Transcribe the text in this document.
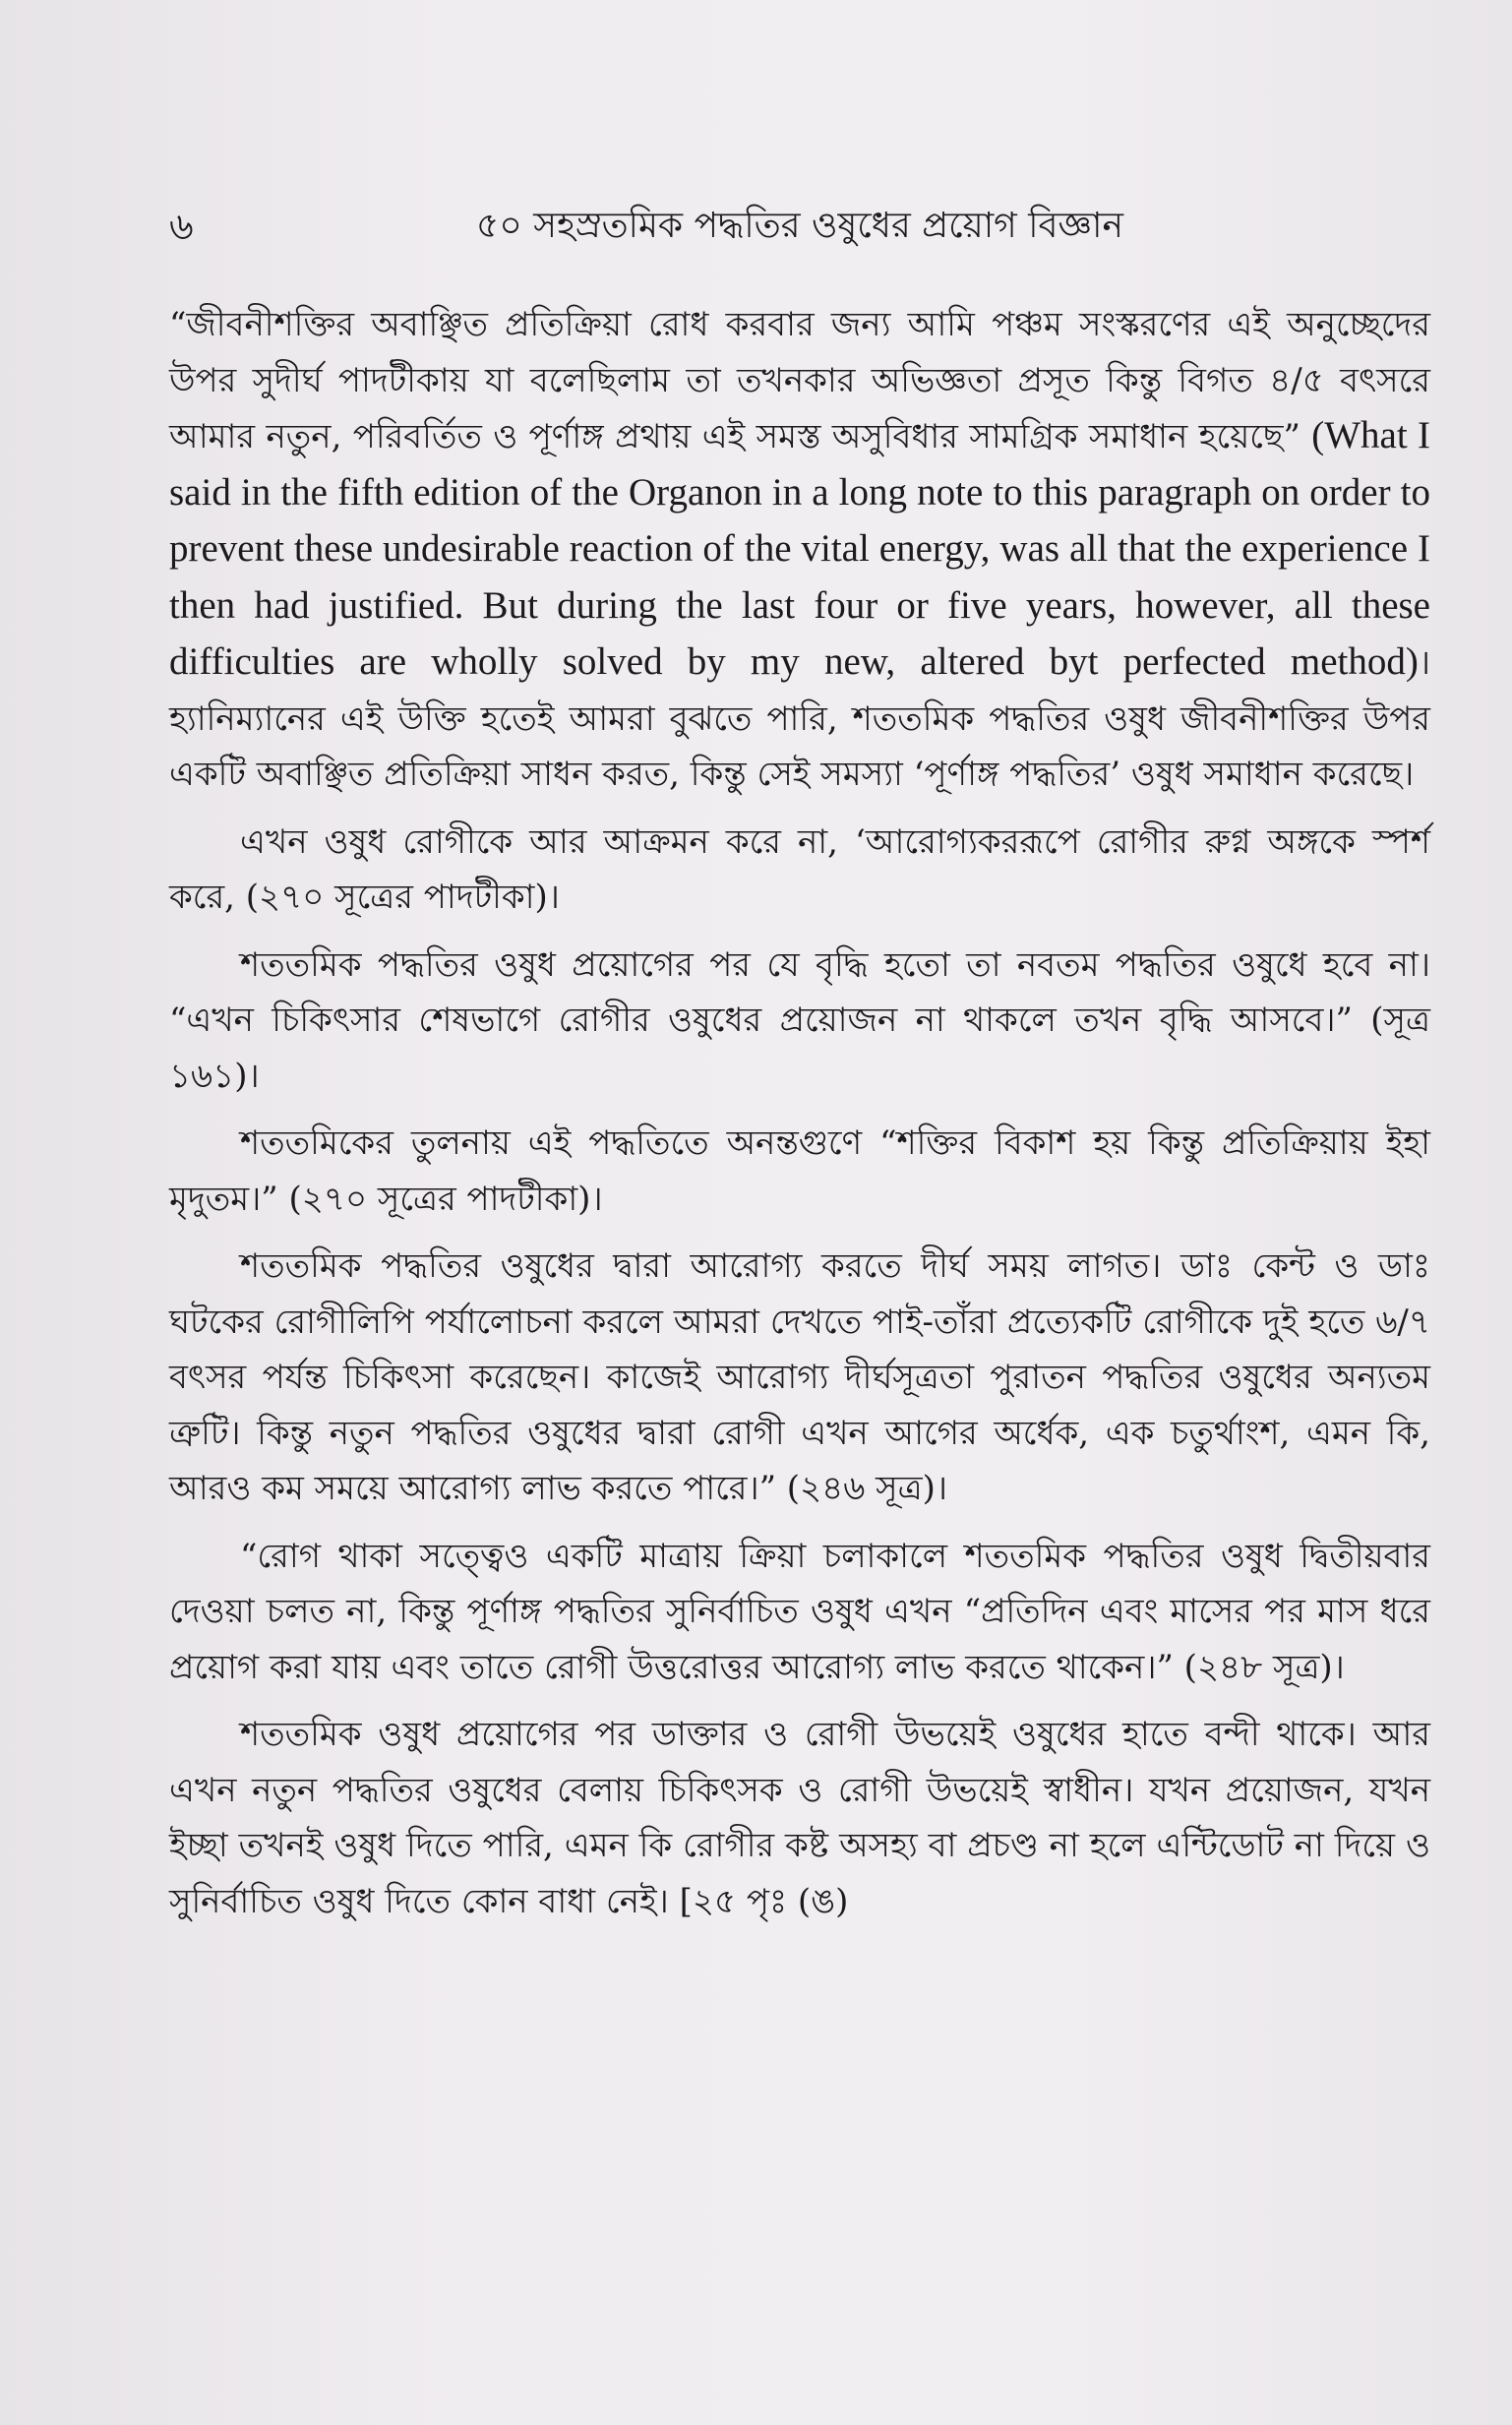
৬	৫০ সহস্রতমিক পদ্ধতির ওষুধের প্রয়োগ বিজ্ঞান

“জীবনীশক্তির অবাঞ্ছিত প্রতিক্রিয়া রোধ করবার জন্য আমি পঞ্চম সংস্করণের এই অনুচ্ছেদের উপর সুদীর্ঘ পাদটীকায় যা বলেছিলাম তা তখনকার অভিজ্ঞতা প্রসূত কিন্তু বিগত ৪/৫ বৎসরে আমার নতুন, পরিবর্তিত ও পূর্ণাঙ্গ প্রথায় এই সমস্ত অসুবিধার সামগ্রিক সমাধান হয়েছে” (What I said in the fifth edition of the Organon in a long note to this paragraph on order to prevent these undesirable reaction of the vital energy, was all that the experience I then had justified. But during the last four or five years, however, all these difficulties are wholly solved by my new, altered byt perfected method)। হ্যানিম্যানের এই উক্তি হতেই আমরা বুঝতে পারি, শততমিক পদ্ধতির ওষুধ জীবনীশক্তির উপর একটি অবাঞ্ছিত প্রতিক্রিয়া সাধন করত, কিন্তু সেই সমস্যা ‘পূর্ণাঙ্গ পদ্ধতির’ ওষুধ সমাধান করেছে।

এখন ওষুধ রোগীকে আর আক্রমন করে না, ‘আরোগ্যকররূপে রোগীর রুগ্ন অঙ্গকে স্পর্শ করে, (২৭০ সূত্রের পাদটীকা)।

শততমিক পদ্ধতির ওষুধ প্রয়োগের পর যে বৃদ্ধি হতো তা নবতম পদ্ধতির ওষুধে হবে না। “এখন চিকিৎসার শেষভাগে রোগীর ওষুধের প্রয়োজন না থাকলে তখন বৃদ্ধি আসবে।” (সূত্র ১৬১)।

শততমিকের তুলনায় এই পদ্ধতিতে অনন্তগুণে “শক্তির বিকাশ হয় কিন্তু প্রতিক্রিয়ায় ইহা মৃদুতম।” (২৭০ সূত্রের পাদটীকা)।

শততমিক পদ্ধতির ওষুধের দ্বারা আরোগ্য করতে দীর্ঘ সময় লাগত। ডাঃ কেন্ট ও ডাঃ ঘটকের রোগীলিপি পর্যালোচনা করলে আমরা দেখতে পাই-তাঁরা প্রত্যেকটি রোগীকে দুই হতে ৬/৭ বৎসর পর্যন্ত চিকিৎসা করেছেন। কাজেই আরোগ্য দীর্ঘসূত্রতা পুরাতন পদ্ধতির ওষুধের অন্যতম ত্রুটি। কিন্তু নতুন পদ্ধতির ওষুধের দ্বারা রোগী এখন আগের অর্ধেক, এক চতুর্থাংশ, এমন কি, আরও কম সময়ে আরোগ্য লাভ করতে পারে।” (২৪৬ সূত্র)।

“রোগ থাকা সত্ত্বেও একটি মাত্রায় ক্রিয়া চলাকালে শততমিক পদ্ধতির ওষুধ দ্বিতীয়বার দেওয়া চলত না, কিন্তু পূর্ণাঙ্গ পদ্ধতির সুনির্বাচিত ওষুধ এখন “প্রতিদিন এবং মাসের পর মাস ধরে প্রয়োগ করা যায় এবং তাতে রোগী উত্তরোত্তর আরোগ্য লাভ করতে থাকেন।” (২৪৮ সূত্র)।

শততমিক ওষুধ প্রয়োগের পর ডাক্তার ও রোগী উভয়েই ওষুধের হাতে বন্দী থাকে। আর এখন নতুন পদ্ধতির ওষুধের বেলায় চিকিৎসক ও রোগী উভয়েই স্বাধীন। যখন প্রয়োজন, যখন ইচ্ছা তখনই ওষুধ দিতে পারি, এমন কি রোগীর কষ্ট অসহ্য বা প্রচণ্ড না হলে এন্টিডোট না দিয়ে ও সুনির্বাচিত ওষুধ দিতে কোন বাধা নেই। [২৫ পৃঃ (ঙ)
